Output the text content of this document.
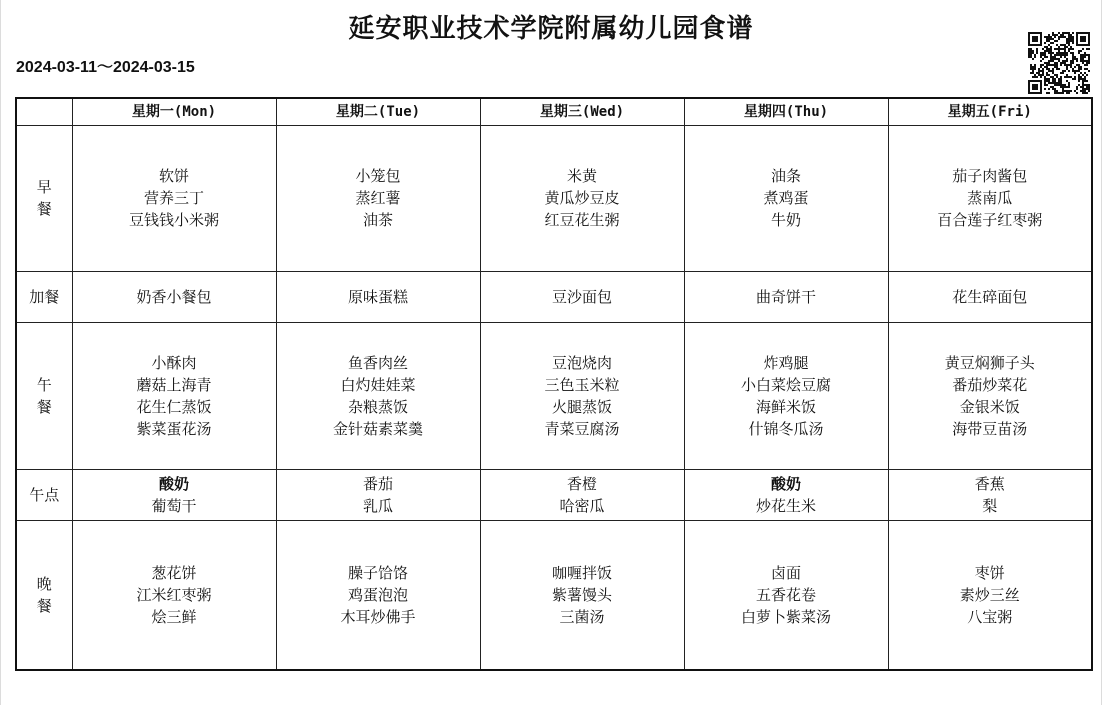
延安职业技术学院附属幼儿园食谱
2024-03-11～2024-03-15
	星期一(Mon)	星期二(Tue)	星期三(Wed)	星期四(Thu)	星期五(Fri)

早
餐	软饼
营养三丁
豆钱钱小米粥	小笼包
蒸红薯
油茶	米黄
黄瓜炒豆皮
红豆花生粥	油条
煮鸡蛋
牛奶	茄子肉酱包
蒸南瓜
百合莲子红枣粥

加餐	奶香小餐包	原味蛋糕	豆沙面包	曲奇饼干	花生碎面包

午
餐	小酥肉
蘑菇上海青
花生仁蒸饭
紫菜蛋花汤	鱼香肉丝
白灼娃娃菜
杂粮蒸饭
金针菇素菜羹	豆泡烧肉
三色玉米粒
火腿蒸饭
青菜豆腐汤	炸鸡腿
小白菜烩豆腐
海鲜米饭
什锦冬瓜汤	黄豆焖狮子头
番茄炒菜花
金银米饭
海带豆苗汤

午点	酸奶
葡萄干	番茄
乳瓜	香橙
哈密瓜	酸奶
炒花生米	香蕉
梨

晚
餐	葱花饼
江米红枣粥
烩三鲜	臊子饸饹
鸡蛋泡泡
木耳炒佛手	咖喱拌饭
紫薯馒头
三菌汤	卤面
五香花卷
白萝卜紫菜汤	枣饼
素炒三丝
八宝粥
